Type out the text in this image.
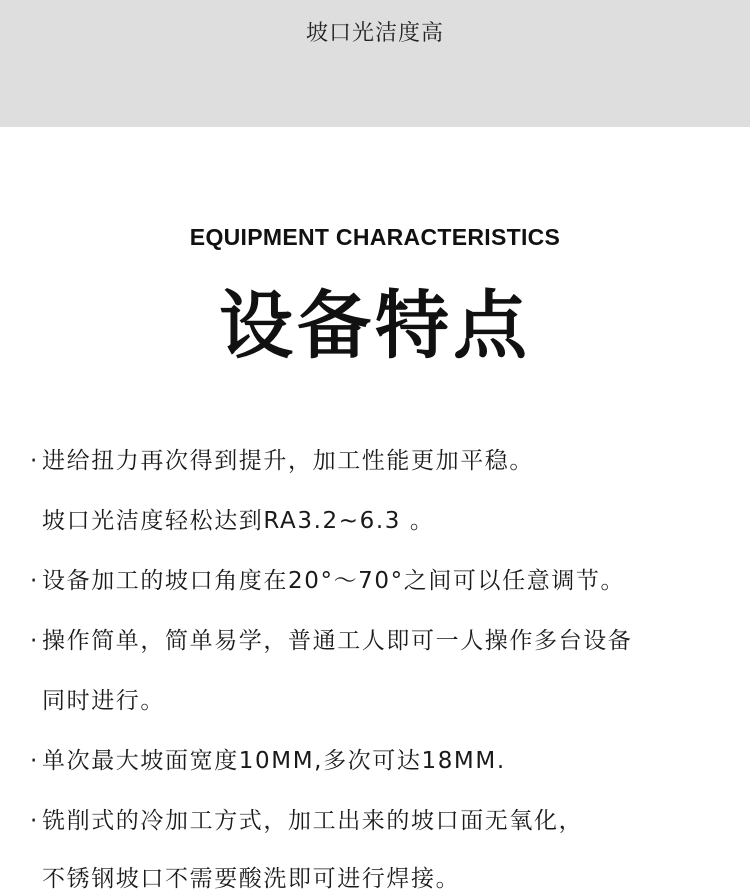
坡口光洁度高
EQUIPMENT CHARACTERISTICS
设备特点
· 进给扭力再次得到提升，加工性能更加平稳。
坡口光洁度轻松达到RA3.2~6.3 。
· 设备加工的坡口角度在20°～70°之间可以任意调节。
· 操作简单，简单易学，普通工人即可一人操作多台设备
同时进行。
· 单次最大坡面宽度10MM,多次可达18MM.
· 铣削式的冷加工方式，加工出来的坡口面无氧化，
不锈钢坡口不需要酸洗即可进行焊接。
